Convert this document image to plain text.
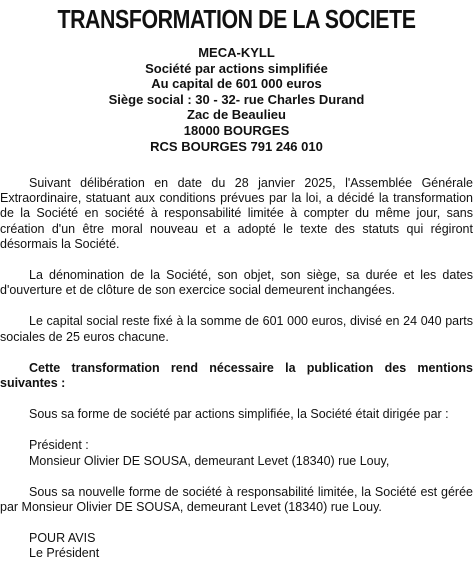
TRANSFORMATION DE LA SOCIETE
MECA-KYLL
Société par actions simplifiée
Au capital de 601 000 euros
Siège social : 30 - 32- rue Charles Durand
Zac de Beaulieu
18000 BOURGES
RCS BOURGES 791 246 010

Suivant délibération en date du 28 janvier 2025, l'Assemblée Générale Extraordinaire, statuant aux conditions prévues par la loi, a décidé la transformation de la Société en société à responsabilité limitée à compter du même jour, sans création d'un être moral nouveau et a adopté le texte des statuts qui régiront désormais la Société.

La dénomination de la Société, son objet, son siège, sa durée et les dates d'ouverture et de clôture de son exercice social demeurent inchangées.

Le capital social reste fixé à la somme de 601 000 euros, divisé en 24 040 parts sociales de 25 euros chacune.

Cette transformation rend nécessaire la publication des mentions suivantes :

Sous sa forme de société par actions simplifiée, la Société était dirigée par :

Président :

Monsieur Olivier DE SOUSA, demeurant Levet (18340) rue Louy,

Sous sa nouvelle forme de société à responsabilité limitée, la Société est gérée par Monsieur Olivier DE SOUSA, demeurant Levet (18340) rue Louy.

POUR AVIS

Le Président
